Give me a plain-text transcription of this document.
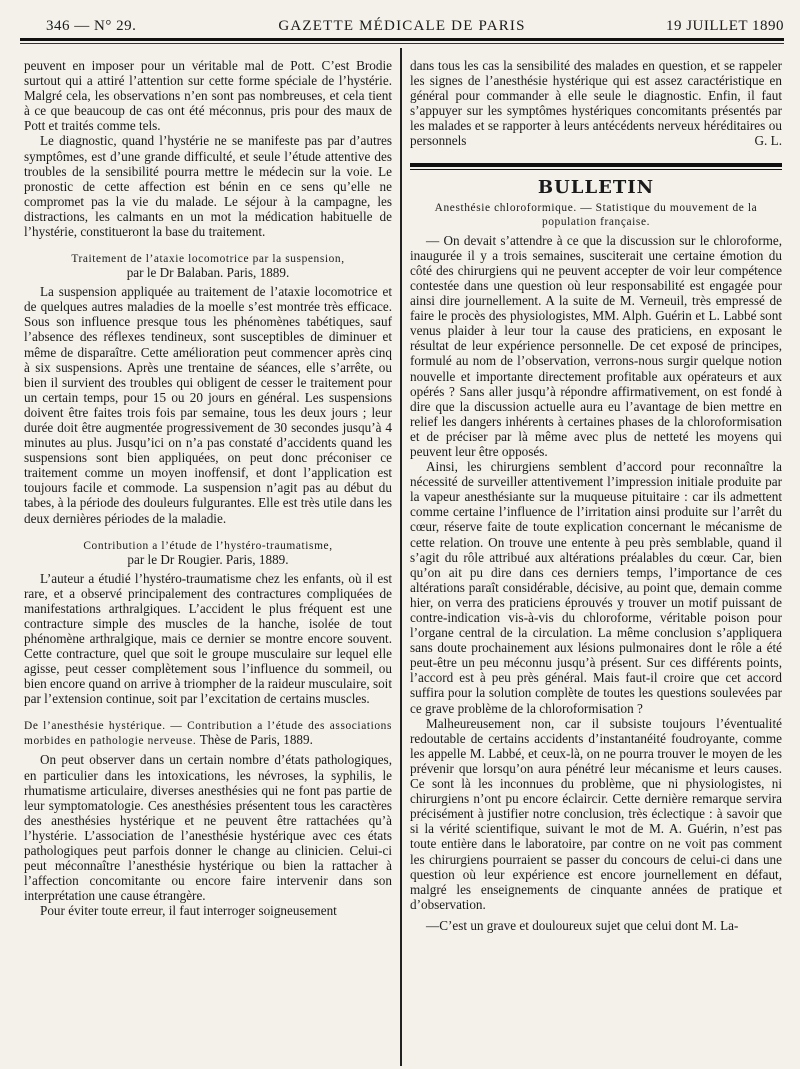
346 — N° 29.	GAZETTE MÉDICALE DE PARIS	19 JUILLET 1890

peuvent en imposer pour un véritable mal de Pott. C’est Brodie surtout qui a attiré l’attention sur cette forme spéciale de l’hystérie. Malgré cela, les observations n’en sont pas nombreuses, et cela tient à ce que beaucoup de cas ont été méconnus, pris pour des maux de Pott et traités comme tels.

Le diagnostic, quand l’hystérie ne se manifeste pas par d’autres symptômes, est d’une grande difficulté, et seule l’étude attentive des troubles de la sensibilité pourra mettre le médecin sur la voie. Le pronostic de cette affection est bénin en ce sens qu’elle ne compromet pas la vie du malade. Le séjour à la campagne, les distractions, les calmants en un mot la médication habituelle de l’hystérie, constitueront la base du traitement.

Traitement de l’ataxie locomotrice par la suspension,
par le Dr Balaban. Paris, 1889.

La suspension appliquée au traitement de l’ataxie locomotrice et de quelques autres maladies de la moelle s’est montrée très efficace. Sous son influence presque tous les phénomènes tabétiques, sauf l’absence des réflexes tendineux, sont susceptibles de diminuer et même de disparaître. Cette amélioration peut commencer après cinq à six suspensions. Après une trentaine de séances, elle s’arrête, ou bien il survient des troubles qui obligent de cesser le traitement pour un certain temps, pour 15 ou 20 jours en général. Les suspensions doivent être faites trois fois par semaine, tous les deux jours ; leur durée doit être augmentée progressivement de 30 secondes jusqu’à 4 minutes au plus. Jusqu’ici on n’a pas constaté d’accidents quand les suspensions sont bien appliquées, on peut donc préconiser ce traitement comme un moyen inoffensif, et dont l’application est toujours facile et commode. La suspension n’agit pas au début du tabes, à la période des douleurs fulgurantes. Elle est très utile dans les deux dernières périodes de la maladie.

Contribution a l’étude de l’hystéro-traumatisme,
par le Dr Rougier. Paris, 1889.

L’auteur a étudié l’hystéro-traumatisme chez les enfants, où il est rare, et a observé principalement des contractures compliquées de manifestations arthralgiques. L’accident le plus fréquent est une contracture simple des muscles de la hanche, isolée de tout phénomène arthralgique, mais ce dernier se montre encore souvent. Cette contracture, quel que soit le groupe musculaire sur lequel elle agisse, peut cesser complètement sous l’influence du sommeil, ou bien encore quand on arrive à triompher de la raideur musculaire, soit par l’extension continue, soit par l’excitation de certains muscles.

De l’anesthésie hystérique. — Contribution a l’étude des associations morbides en pathologie nerveuse. Thèse de Paris, 1889.

On peut observer dans un certain nombre d’états pathologiques, en particulier dans les intoxications, les névroses, la syphilis, le rhumatisme articulaire, diverses anesthésies qui ne font pas partie de leur symptomatologie. Ces anesthésies présentent tous les caractères des anesthésies hystérique et ne peuvent être rattachées qu’à l’hystérie. L’association de l’anesthésie hystérique avec ces états pathologiques peut parfois donner le change au clinicien. Celui-ci peut méconnaître l’anesthésie hystérique ou bien la rattacher à l’affection concomitante ou encore faire intervenir dans son interprétation une cause étrangère.

Pour éviter toute erreur, il faut interroger soigneusement

dans tous les cas la sensibilité des malades en question, et se rappeler les signes de l’anesthésie hystérique qui est assez caractéristique en général pour commander à elle seule le diagnostic. Enfin, il faut s’appuyer sur les symptômes hystériques concomitants présentés par les malades et se rapporter à leurs antécédents nerveux héréditaires ou personnels	G. L.

BULLETIN
Anesthésie chloroformique. — Statistique du mouvement de la population française.

— On devait s’attendre à ce que la discussion sur le chloroforme, inaugurée il y a trois semaines, susciterait une certaine émotion du côté des chirurgiens qui ne peuvent accepter de voir leur compétence contestée dans une question où leur responsabilité est engagée pour ainsi dire journellement. A la suite de M. Verneuil, très empressé de faire le procès des physiologistes, MM. Alph. Guérin et L. Labbé sont venus plaider à leur tour la cause des praticiens, en exposant le résultat de leur expérience personnelle. De cet exposé de principes, formulé au nom de l’observation, verrons-nous surgir quelque notion nouvelle et importante directement profitable aux opérateurs et aux opérés ? Sans aller jusqu’à répondre affirmativement, on est fondé à dire que la discussion actuelle aura eu l’avantage de bien mettre en relief les dangers inhérents à certaines phases de la chloroformisation et de préciser par là même avec plus de netteté les moyens qui peuvent leur être opposés.

Ainsi, les chirurgiens semblent d’accord pour reconnaître la nécessité de surveiller attentivement l’impression initiale produite par la vapeur anesthésiante sur la muqueuse pituitaire : car ils admettent comme certaine l’influence de l’irritation ainsi produite sur l’arrêt du cœur, réserve faite de toute explication concernant le mécanisme de cette relation. On trouve une entente à peu près semblable, quand il s’agit du rôle attribué aux altérations préalables du cœur. Car, bien qu’on ait pu dire dans ces derniers temps, l’importance de ces altérations paraît considérable, décisive, au point que, demain comme hier, on verra des praticiens éprouvés y trouver un motif puissant de contre-indication vis-à-vis du chloroforme, véritable poison pour l’organe central de la circulation. La même conclusion s’appliquera sans doute prochainement aux lésions pulmonaires dont le rôle a été peut-être un peu méconnu jusqu’à présent. Sur ces différents points, l’accord est à peu près général. Mais faut-il croire que cet accord suffira pour la solution complète de toutes les questions soulevées par ce grave problème de la chloroformisation ?

Malheureusement non, car il subsiste toujours l’éventualité redoutable de certains accidents d’instantanéité foudroyante, comme les appelle M. Labbé, et ceux-là, on ne pourra trouver le moyen de les prévenir que lorsqu’on aura pénétré leur mécanisme et leurs causes. Ce sont là les inconnues du problème, que ni physiologistes, ni chirurgiens n’ont pu encore éclaircir. Cette dernière remarque servira précisément à justifier notre conclusion, très éclectique : à savoir que si la vérité scientifique, suivant le mot de M. A. Guérin, n’est pas toute entière dans le laboratoire, par contre on ne voit pas comment les chirurgiens pourraient se passer du concours de celui-ci dans une question où leur expérience est encore journellement en défaut, malgré les enseignements de cinquante années de pratique et d’observation.

—C’est un grave et douloureux sujet que celui dont M. La-
